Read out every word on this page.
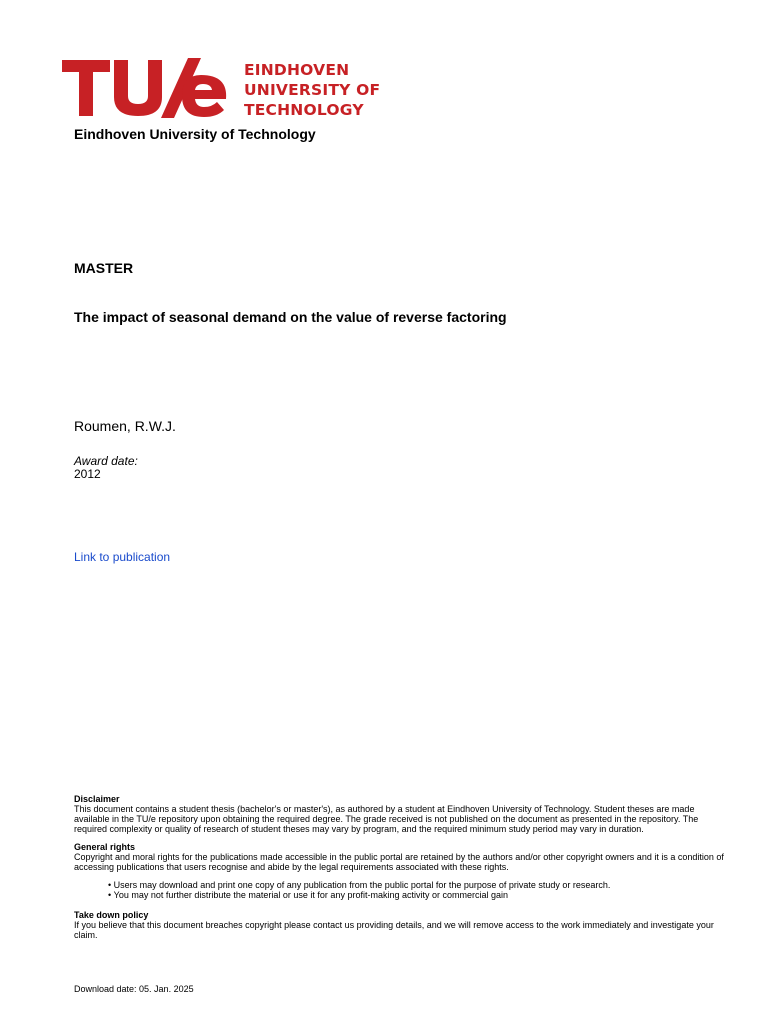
EINDHOVEN
UNIVERSITY OF
TECHNOLOGY
Eindhoven University of Technology
MASTER
The impact of seasonal demand on the value of reverse factoring
Roumen, R.W.J.
Award date:
2012
Link to publication

Disclaimer

This document contains a student thesis (bachelor's or master's), as authored by a student at Eindhoven University of Technology. Student theses are made available in the TU/e repository upon obtaining the required degree. The grade received is not published on the document as presented in the repository. The required complexity or quality of research of student theses may vary by program, and the required minimum study period may vary in duration.

General rights

Copyright and moral rights for the publications made accessible in the public portal are retained by the authors and/or other copyright owners and it is a condition of accessing publications that users recognise and abide by the legal requirements associated with these rights.

• Users may download and print one copy of any publication from the public portal for the purpose of private study or research.
• You may not further distribute the material or use it for any profit-making activity or commercial gain

Take down policy

If you believe that this document breaches copyright please contact us providing details, and we will remove access to the work immediately and investigate your claim.

Download date: 05. Jan. 2025
